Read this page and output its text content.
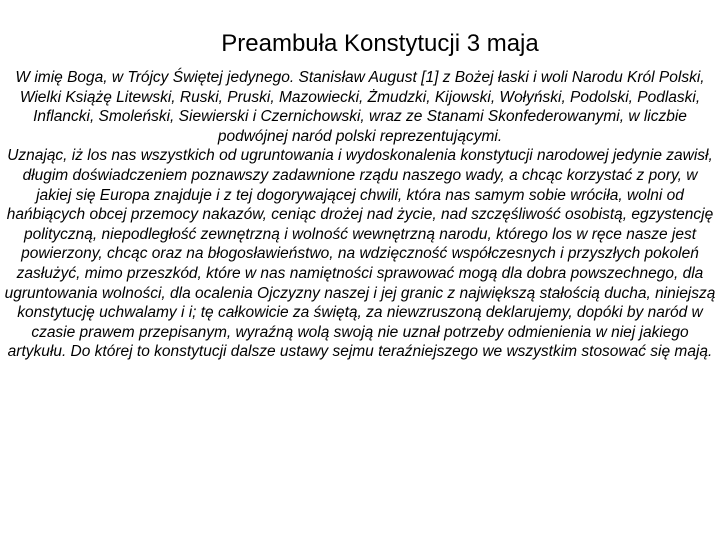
Preambuła Konstytucji 3 maja

W imię Boga, w Trójcy Świętej jedynego. Stanisław August [1] z Bożej łaski i woli Narodu Król Polski, Wielki Książę Litewski, Ruski, Pruski, Mazowiecki, Żmudzki, Kijowski, Wołyński, Podolski, Podlaski, Inflancki, Smoleński, Siewierski i Czernichowski, wraz ze Stanami Skonfederowanymi, w liczbie podwójnej naród polski reprezentującymi.

Uznając, iż los nas wszystkich od ugruntowania i wydoskonalenia konstytucji narodowej jedynie zawisł, długim doświadczeniem poznawszy zadawnione rządu naszego wady, a chcąc korzystać z pory, w jakiej się Europa znajduje i z tej dogorywającej chwili, która nas samym sobie wróciła, wolni od hańbiących obcej przemocy nakazów, ceniąc drożej nad życie, nad szczęśliwość osobistą, egzystencję polityczną, niepodległość zewnętrzną i wolność wewnętrzną narodu, którego los w ręce nasze jest powierzony, chcąc oraz na błogosławieństwo, na wdzięczność współczesnych i przyszłych pokoleń zasłużyć, mimo przeszkód, które w nas namiętności sprawować mogą dla dobra powszechnego, dla ugruntowania wolności, dla ocalenia Ojczyzny naszej i jej granic z największą stałością ducha, niniejszą konstytucję uchwalamy i i; tę całkowicie za świętą, za niewzruszoną deklarujemy, dopóki by naród w czasie prawem przepisanym, wyraźną wolą swoją nie uznał potrzeby odmienienia w niej jakiego artykułu. Do której to konstytucji dalsze ustawy sejmu teraźniejszego we wszystkim stosować się mają.
